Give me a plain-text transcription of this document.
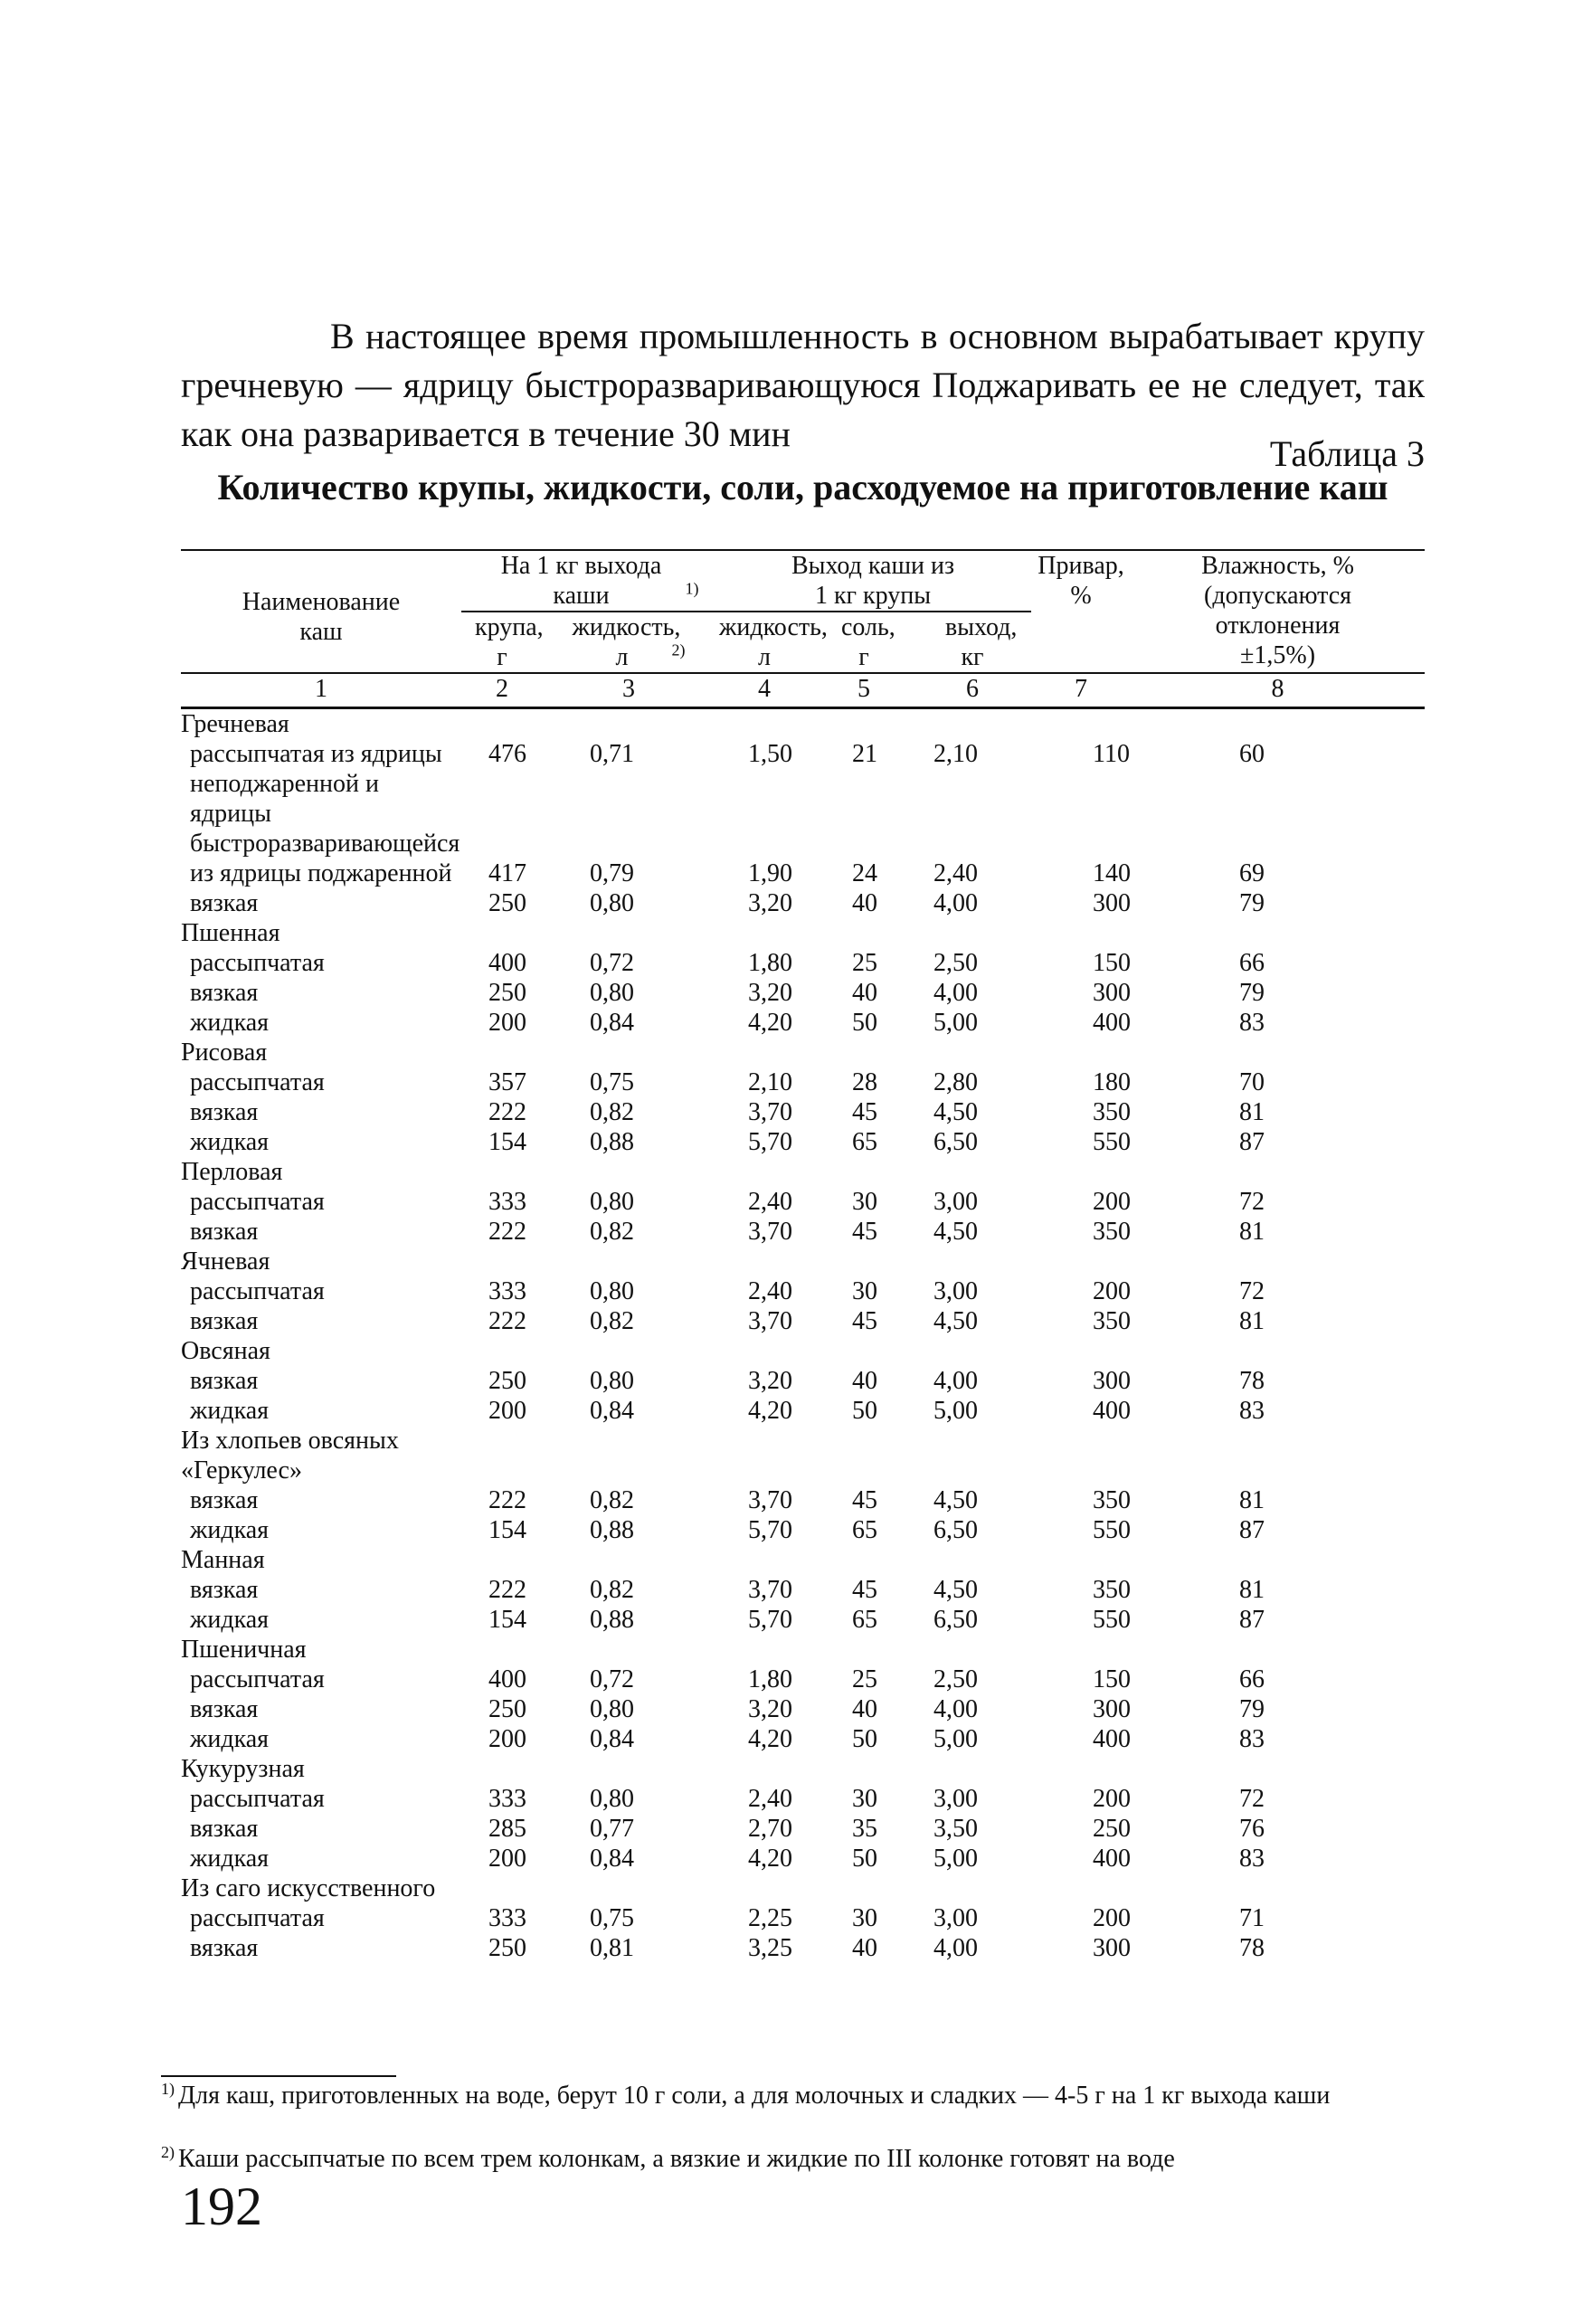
В настоящее время промышленность в основном вырабатывает крупу гречневую — ядрицу быстроразваривающуюся Поджаривать ее не следует, так как она разваривается в течение 30 мин	Таблица 3
Количество крупы, жидкости, соли, расходуемое на приготовление каш
Наименование каш	На 1 кг выхода каши $^{1)}$		Выход каши из 1 кг крупы			Привар, %	Влажность, % (допускаются отклонения ±1,5%)
	крупа, г	жидкость, л $^{2)}$	жидкость, л	соль, г	выход, кг		
1	2	3	4	5	6	7	8
Гречневая							
рассыпчатая из ядрицы неподжаренной и ядрицы быстроразваривающейся	476	0,71	1,50	21	2,10	110	60
из ядрицы поджаренной	417	0,79	1,90	24	2,40	140	69
вязкая	250	0,80	3,20	40	4,00	300	79
Пшенная							
рассыпчатая	400	0,72	1,80	25	2,50	150	66
вязкая	250	0,80	3,20	40	4,00	300	79
жидкая	200	0,84	4,20	50	5,00	400	83
Рисовая							
рассыпчатая	357	0,75	2,10	28	2,80	180	70
вязкая	222	0,82	3,70	45	4,50	350	81
жидкая	154	0,88	5,70	65	6,50	550	87
Перловая							
рассыпчатая	333	0,80	2,40	30	3,00	200	72
вязкая	222	0,82	3,70	45	4,50	350	81
Ячневая							
рассыпчатая	333	0,80	2,40	30	3,00	200	72
вязкая	222	0,82	3,70	45	4,50	350	81
Овсяная							
вязкая	250	0,80	3,20	40	4,00	300	78
жидкая	200	0,84	4,20	50	5,00	400	83
Из хлопьев овсяных «Геркулес»							
вязкая	222	0,82	3,70	45	4,50	350	81
жидкая	154	0,88	5,70	65	6,50	550	87
Манная							
вязкая	222	0,82	3,70	45	4,50	350	81
жидкая	154	0,88	5,70	65	6,50	550	87
Пшеничная							
рассыпчатая	400	0,72	1,80	25	2,50	150	66
вязкая	250	0,80	3,20	40	4,00	300	79
жидкая	200	0,84	4,20	50	5,00	400	83
Кукурузная							
рассыпчатая	333	0,80	2,40	30	3,00	200	72
вязкая	285	0,77	2,70	35	3,50	250	76
жидкая	200	0,84	4,20	50	5,00	400	83
Из саго искусственного							
рассыпчатая	333	0,75	2,25	30	3,00	200	71
вязкая	250	0,81	3,25	40	4,00	300	78
$^{1)}$ Для каш, приготовленных на воде, берут 10 г соли, а для молочных и сладких — 4-5 г на 1 кг выхода каши
$^{2)}$ Каши рассыпчатые по всем трем колонкам, а вязкие и жидкие по III колонке готовят на воде
192
